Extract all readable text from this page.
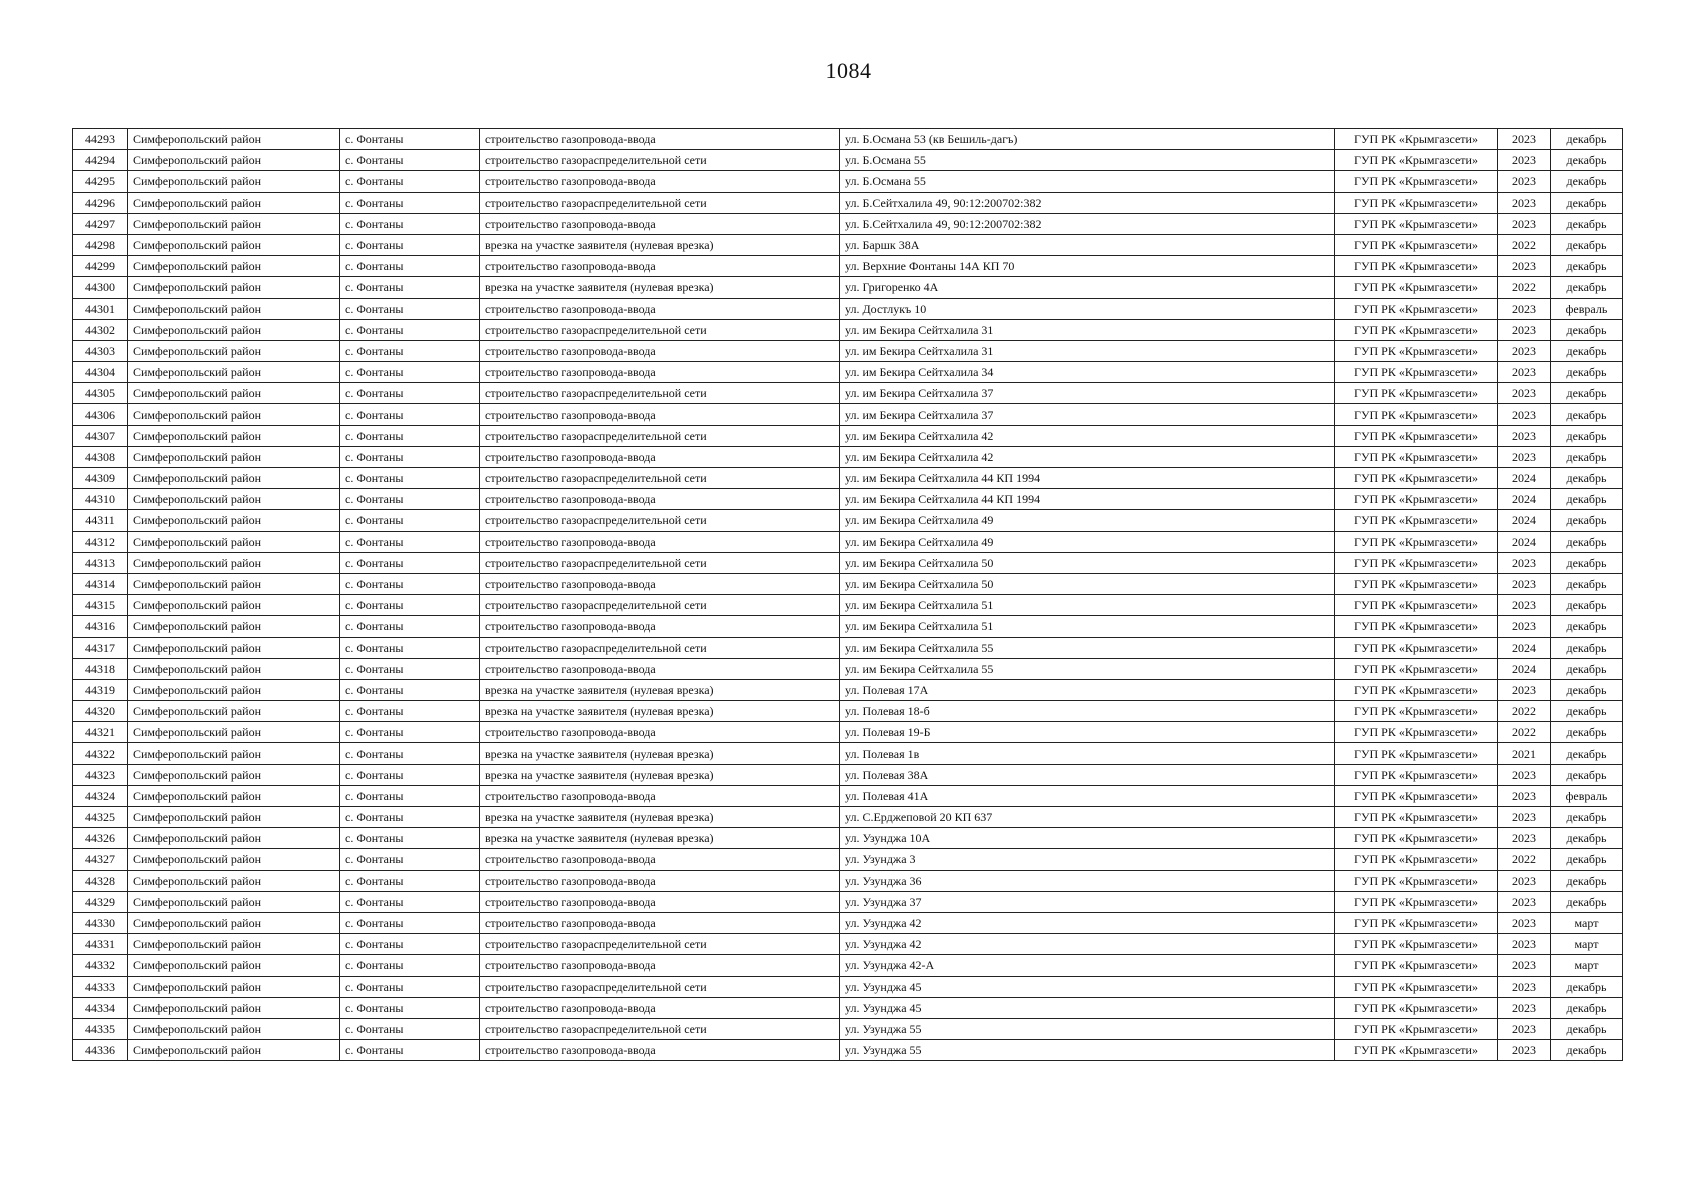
1084
44293	Симферопольский район	с. Фонтаны	строительство газопровода-ввода	ул. Б.Османа 53 (кв Бешиль-дагъ)	ГУП РК «Крымгазсети»	2023	декабрь
44294	Симферопольский район	с. Фонтаны	строительство газораспределительной сети	ул. Б.Османа 55	ГУП РК «Крымгазсети»	2023	декабрь
44295	Симферопольский район	с. Фонтаны	строительство газопровода-ввода	ул. Б.Османа 55	ГУП РК «Крымгазсети»	2023	декабрь
44296	Симферопольский район	с. Фонтаны	строительство газораспределительной сети	ул. Б.Сейтхалила 49, 90:12:200702:382	ГУП РК «Крымгазсети»	2023	декабрь
44297	Симферопольский район	с. Фонтаны	строительство газопровода-ввода	ул. Б.Сейтхалила 49, 90:12:200702:382	ГУП РК «Крымгазсети»	2023	декабрь
44298	Симферопольский район	с. Фонтаны	врезка на участке заявителя (нулевая врезка)	ул. Баршк 38А	ГУП РК «Крымгазсети»	2022	декабрь
44299	Симферопольский район	с. Фонтаны	строительство газопровода-ввода	ул. Верхние Фонтаны 14А КП 70	ГУП РК «Крымгазсети»	2023	декабрь
44300	Симферопольский район	с. Фонтаны	врезка на участке заявителя (нулевая врезка)	ул. Григоренко 4А	ГУП РК «Крымгазсети»	2022	декабрь
44301	Симферопольский район	с. Фонтаны	строительство газопровода-ввода	ул. Достлукъ 10	ГУП РК «Крымгазсети»	2023	февраль
44302	Симферопольский район	с. Фонтаны	строительство газораспределительной сети	ул. им Бекира Сейтхалила 31	ГУП РК «Крымгазсети»	2023	декабрь
44303	Симферопольский район	с. Фонтаны	строительство газопровода-ввода	ул. им Бекира Сейтхалила 31	ГУП РК «Крымгазсети»	2023	декабрь
44304	Симферопольский район	с. Фонтаны	строительство газопровода-ввода	ул. им Бекира Сейтхалила 34	ГУП РК «Крымгазсети»	2023	декабрь
44305	Симферопольский район	с. Фонтаны	строительство газораспределительной сети	ул. им Бекира Сейтхалила 37	ГУП РК «Крымгазсети»	2023	декабрь
44306	Симферопольский район	с. Фонтаны	строительство газопровода-ввода	ул. им Бекира Сейтхалила 37	ГУП РК «Крымгазсети»	2023	декабрь
44307	Симферопольский район	с. Фонтаны	строительство газораспределительной сети	ул. им Бекира Сейтхалила 42	ГУП РК «Крымгазсети»	2023	декабрь
44308	Симферопольский район	с. Фонтаны	строительство газопровода-ввода	ул. им Бекира Сейтхалила 42	ГУП РК «Крымгазсети»	2023	декабрь
44309	Симферопольский район	с. Фонтаны	строительство газораспределительной сети	ул. им Бекира Сейтхалила 44 КП 1994	ГУП РК «Крымгазсети»	2024	декабрь
44310	Симферопольский район	с. Фонтаны	строительство газопровода-ввода	ул. им Бекира Сейтхалила 44 КП 1994	ГУП РК «Крымгазсети»	2024	декабрь
44311	Симферопольский район	с. Фонтаны	строительство газораспределительной сети	ул. им Бекира Сейтхалила 49	ГУП РК «Крымгазсети»	2024	декабрь
44312	Симферопольский район	с. Фонтаны	строительство газопровода-ввода	ул. им Бекира Сейтхалила 49	ГУП РК «Крымгазсети»	2024	декабрь
44313	Симферопольский район	с. Фонтаны	строительство газораспределительной сети	ул. им Бекира Сейтхалила 50	ГУП РК «Крымгазсети»	2023	декабрь
44314	Симферопольский район	с. Фонтаны	строительство газопровода-ввода	ул. им Бекира Сейтхалила 50	ГУП РК «Крымгазсети»	2023	декабрь
44315	Симферопольский район	с. Фонтаны	строительство газораспределительной сети	ул. им Бекира Сейтхалила 51	ГУП РК «Крымгазсети»	2023	декабрь
44316	Симферопольский район	с. Фонтаны	строительство газопровода-ввода	ул. им Бекира Сейтхалила 51	ГУП РК «Крымгазсети»	2023	декабрь
44317	Симферопольский район	с. Фонтаны	строительство газораспределительной сети	ул. им Бекира Сейтхалила 55	ГУП РК «Крымгазсети»	2024	декабрь
44318	Симферопольский район	с. Фонтаны	строительство газопровода-ввода	ул. им Бекира Сейтхалила 55	ГУП РК «Крымгазсети»	2024	декабрь
44319	Симферопольский район	с. Фонтаны	врезка на участке заявителя (нулевая врезка)	ул. Полевая 17А	ГУП РК «Крымгазсети»	2023	декабрь
44320	Симферопольский район	с. Фонтаны	врезка на участке заявителя (нулевая врезка)	ул. Полевая 18-б	ГУП РК «Крымгазсети»	2022	декабрь
44321	Симферопольский район	с. Фонтаны	строительство газопровода-ввода	ул. Полевая 19-Б	ГУП РК «Крымгазсети»	2022	декабрь
44322	Симферопольский район	с. Фонтаны	врезка на участке заявителя (нулевая врезка)	ул. Полевая 1в	ГУП РК «Крымгазсети»	2021	декабрь
44323	Симферопольский район	с. Фонтаны	врезка на участке заявителя (нулевая врезка)	ул. Полевая 38А	ГУП РК «Крымгазсети»	2023	декабрь
44324	Симферопольский район	с. Фонтаны	строительство газопровода-ввода	ул. Полевая 41А	ГУП РК «Крымгазсети»	2023	февраль
44325	Симферопольский район	с. Фонтаны	врезка на участке заявителя (нулевая врезка)	ул. С.Ерджеповой 20 КП 637	ГУП РК «Крымгазсети»	2023	декабрь
44326	Симферопольский район	с. Фонтаны	врезка на участке заявителя (нулевая врезка)	ул. Узунджа 10А	ГУП РК «Крымгазсети»	2023	декабрь
44327	Симферопольский район	с. Фонтаны	строительство газопровода-ввода	ул. Узунджа 3	ГУП РК «Крымгазсети»	2022	декабрь
44328	Симферопольский район	с. Фонтаны	строительство газопровода-ввода	ул. Узунджа 36	ГУП РК «Крымгазсети»	2023	декабрь
44329	Симферопольский район	с. Фонтаны	строительство газопровода-ввода	ул. Узунджа 37	ГУП РК «Крымгазсети»	2023	декабрь
44330	Симферопольский район	с. Фонтаны	строительство газопровода-ввода	ул. Узунджа 42	ГУП РК «Крымгазсети»	2023	март
44331	Симферопольский район	с. Фонтаны	строительство газораспределительной сети	ул. Узунджа 42	ГУП РК «Крымгазсети»	2023	март
44332	Симферопольский район	с. Фонтаны	строительство газопровода-ввода	ул. Узунджа 42-А	ГУП РК «Крымгазсети»	2023	март
44333	Симферопольский район	с. Фонтаны	строительство газораспределительной сети	ул. Узунджа 45	ГУП РК «Крымгазсети»	2023	декабрь
44334	Симферопольский район	с. Фонтаны	строительство газопровода-ввода	ул. Узунджа 45	ГУП РК «Крымгазсети»	2023	декабрь
44335	Симферопольский район	с. Фонтаны	строительство газораспределительной сети	ул. Узунджа 55	ГУП РК «Крымгазсети»	2023	декабрь
44336	Симферопольский район	с. Фонтаны	строительство газопровода-ввода	ул. Узунджа 55	ГУП РК «Крымгазсети»	2023	декабрь
